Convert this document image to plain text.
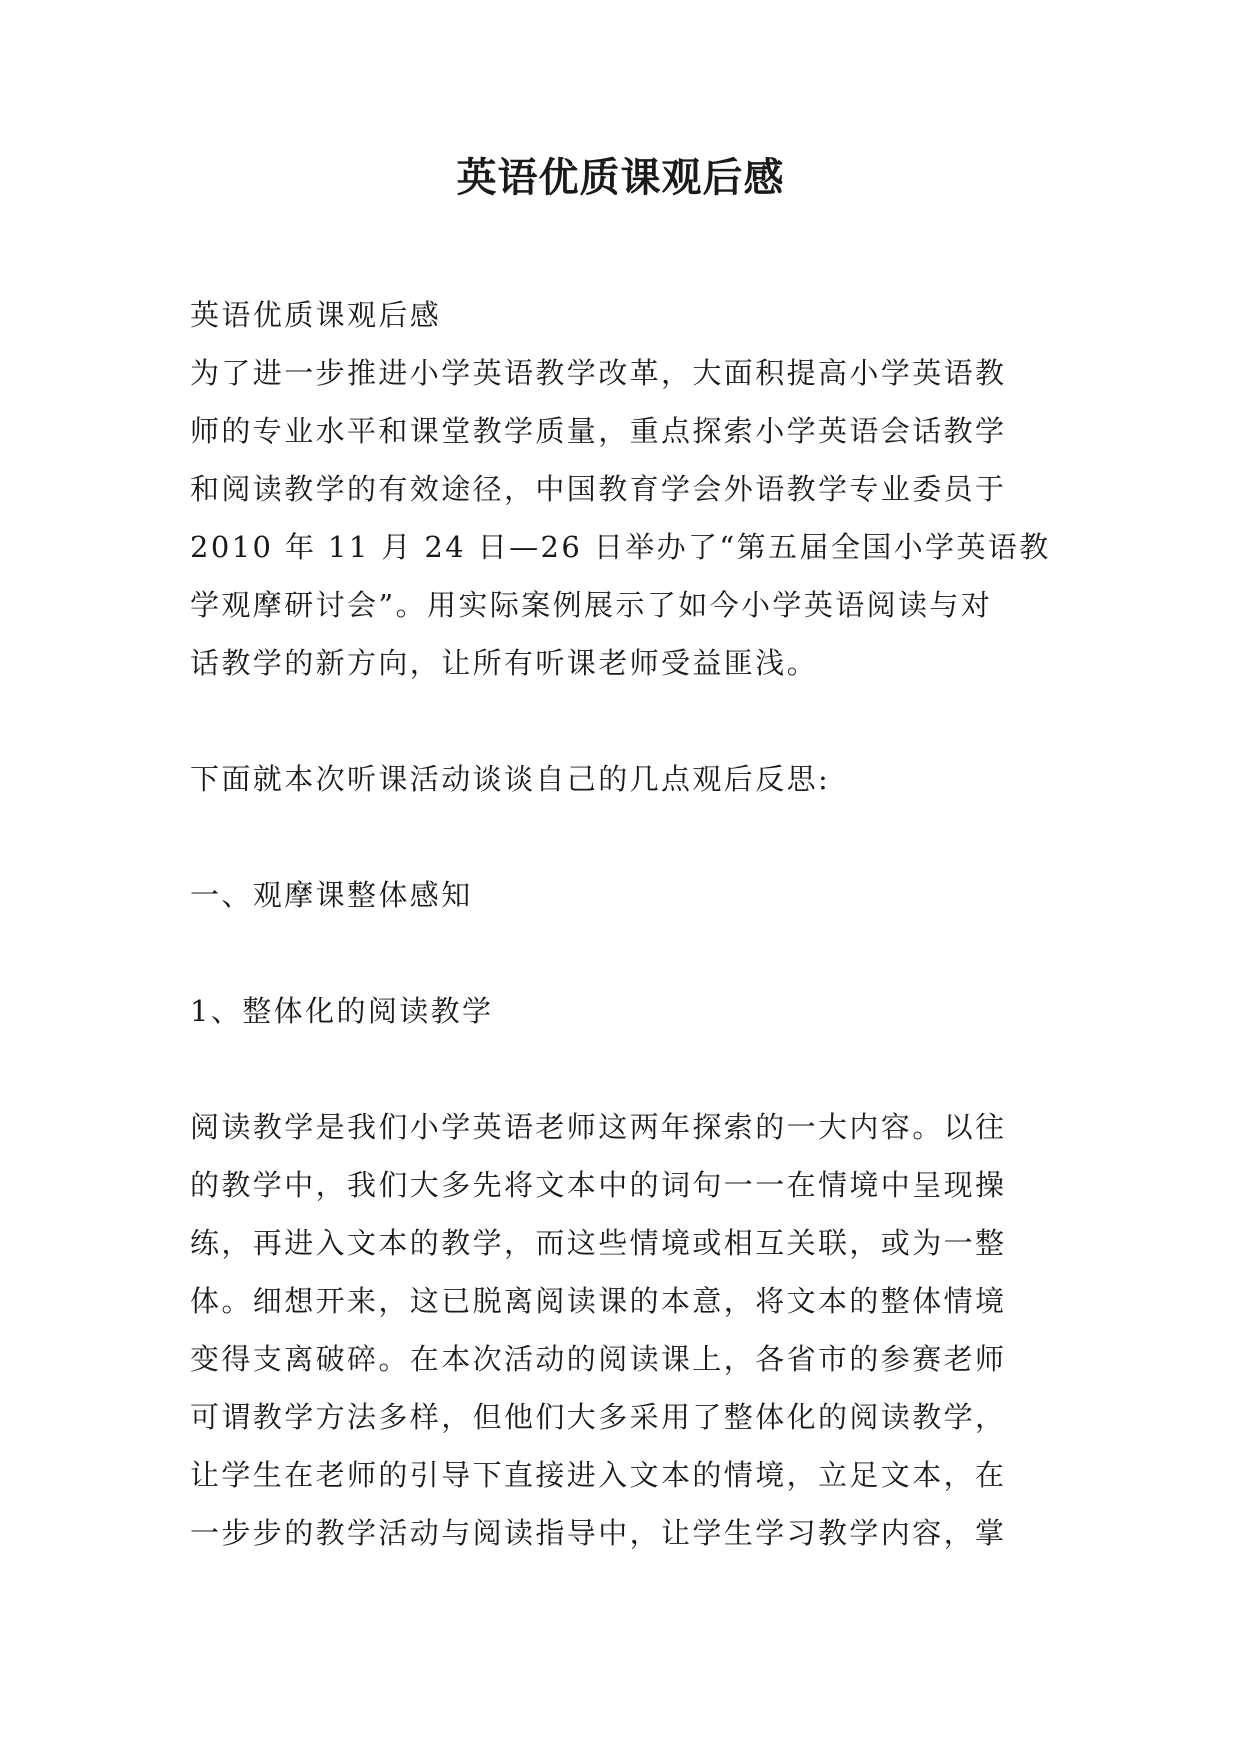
英语优质课观后感

英语优质课观后感

为了进一步推进小学英语教学改革，大面积提高小学英语教
师的专业水平和课堂教学质量，重点探索小学英语会话教学
和阅读教学的有效途径，中国教育学会外语教学专业委员于
2010 年 11 月 24 日—26 日举办了“第五届全国小学英语教
学观摩研讨会”。用实际案例展示了如今小学英语阅读与对
话教学的新方向，让所有听课老师受益匪浅。

下面就本次听课活动谈谈自己的几点观后反思:

一、观摩课整体感知

1、整体化的阅读教学

阅读教学是我们小学英语老师这两年探索的一大内容。以往
的教学中，我们大多先将文本中的词句一一在情境中呈现操
练，再进入文本的教学，而这些情境或相互关联，或为一整
体。细想开来，这已脱离阅读课的本意，将文本的整体情境
变得支离破碎。在本次活动的阅读课上，各省市的参赛老师
可谓教学方法多样，但他们大多采用了整体化的阅读教学，
让学生在老师的引导下直接进入文本的情境，立足文本，在
一步步的教学活动与阅读指导中，让学生学习教学内容，掌
